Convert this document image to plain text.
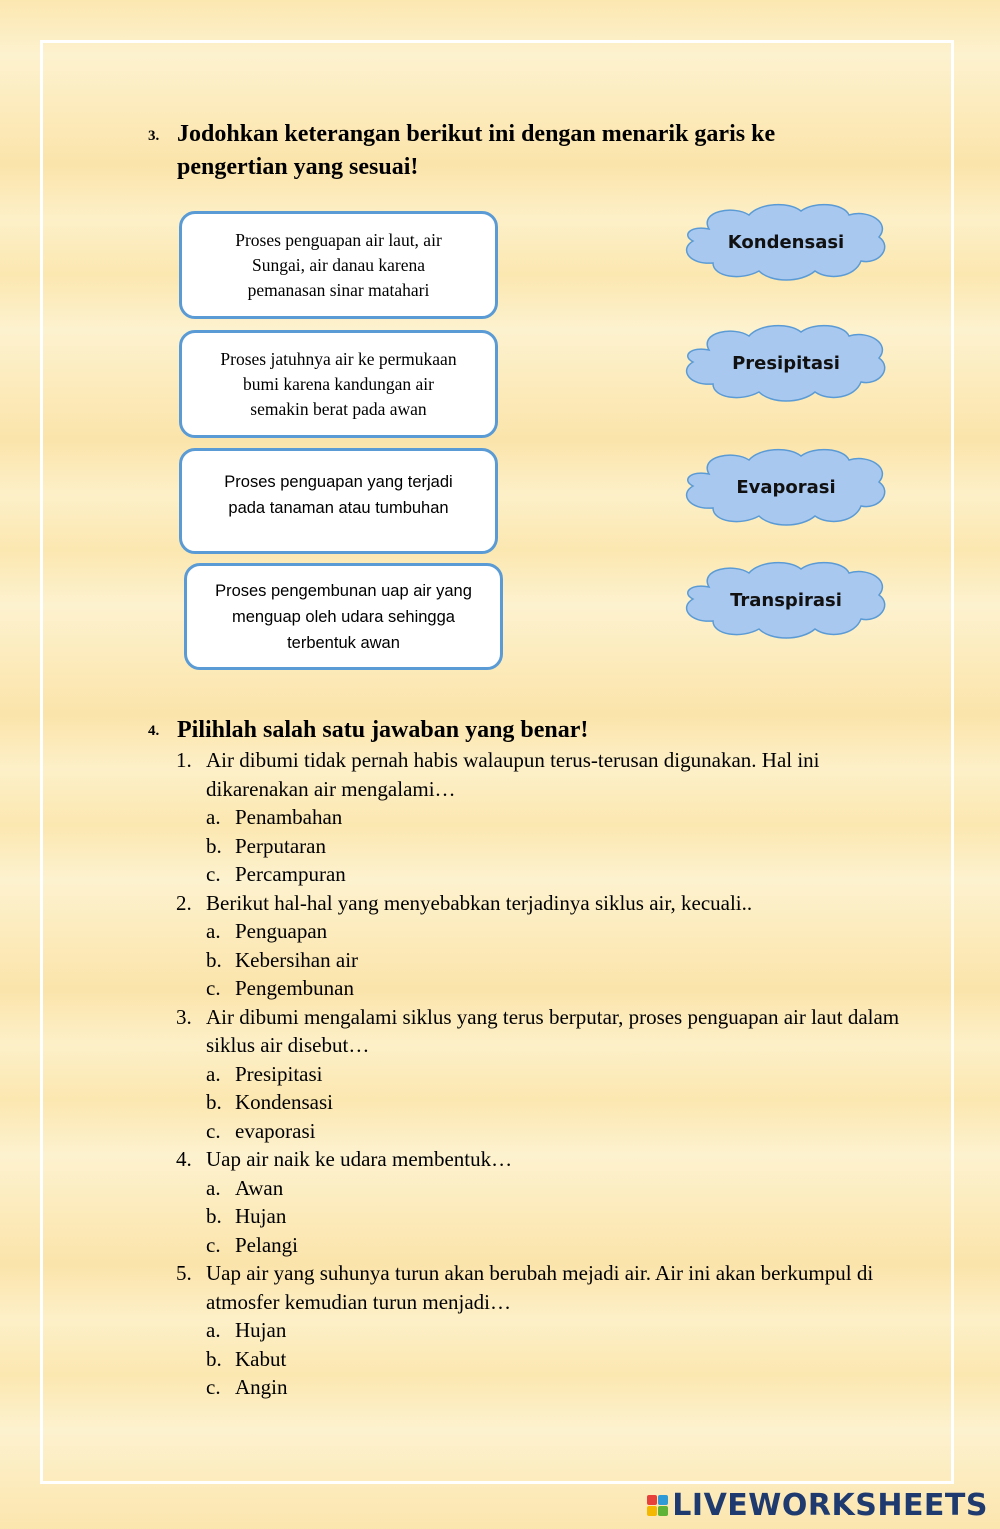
3. Jodohkan keterangan berikut ini dengan menarik garis ke
pengertian yang sesuai!
Proses penguapan air laut, air
Sungai, air danau karena
pemanasan sinar matahari
Proses jatuhnya air ke permukaan
bumi karena kandungan air
semakin berat pada awan
Proses penguapan yang terjadi
pada tanaman atau tumbuhan
Proses pengembunan uap air yang
menguap oleh udara sehingga
terbentuk awan
Kondensasi
Presipitasi
Evaporasi
Transpirasi
4. Pilihlah salah satu jawaban yang benar!
1. Air dibumi tidak pernah habis walaupun terus-terusan digunakan. Hal ini dikarenakan air mengalami…
a. Penambahan
b. Perputaran
c. Percampuran
2. Berikut hal-hal yang menyebabkan terjadinya siklus air, kecuali..
a. Penguapan
b. Kebersihan air
c. Pengembunan
3. Air dibumi mengalami siklus yang terus berputar, proses penguapan air laut dalam siklus air disebut…
a. Presipitasi
b. Kondensasi
c. evaporasi
4. Uap air naik ke udara membentuk…
a. Awan
b. Hujan
c. Pelangi
5. Uap air yang suhunya turun akan berubah mejadi air. Air ini akan berkumpul di atmosfer kemudian turun menjadi…
a. Hujan
b. Kabut
c. Angin
LIVEWORKSHEETS
